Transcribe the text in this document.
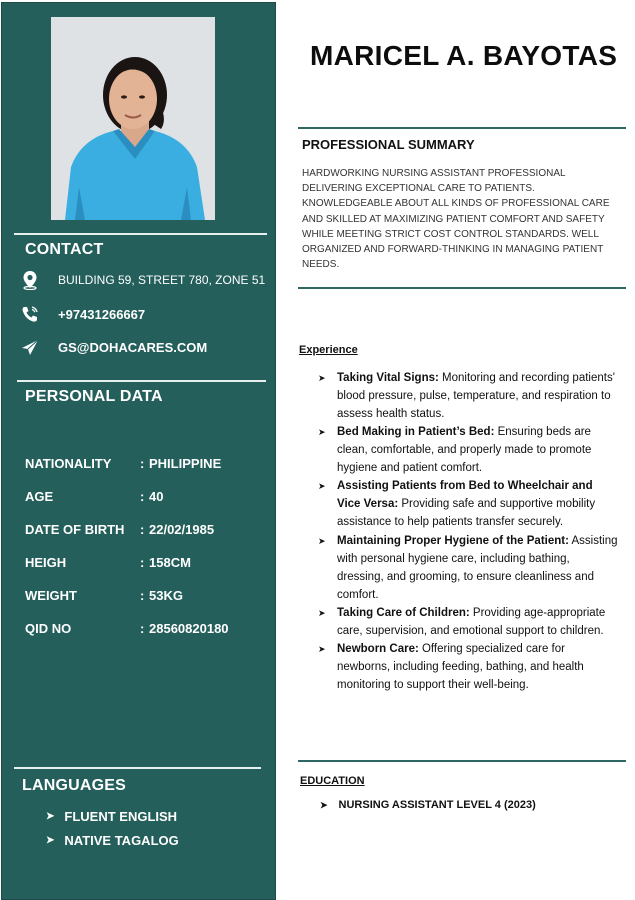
CONTACT
BUILDING 59, STREET 780, ZONE 51
+97431266667
GS@DOHACARES.COM
PERSONAL DATA
NATIONALITY	: PHILIPPINE
AGE	: 40
DATE OF BIRTH	: 22/02/1985
HEIGH	: 158CM
WEIGHT	: 53KG
QID NO	: 28560820180
LANGUAGES
➤ FLUENT ENGLISH
➤ NATIVE TAGALOG
MARICEL A. BAYOTAS
PROFESSIONAL SUMMARY
HARDWORKING NURSING ASSISTANT PROFESSIONAL DELIVERING EXCEPTIONAL CARE TO PATIENTS. KNOWLEDGEABLE ABOUT ALL KINDS OF PROFESSIONAL CARE AND SKILLED AT MAXIMIZING PATIENT COMFORT AND SAFETY WHILE MEETING STRICT COST CONTROL STANDARDS. WELL ORGANIZED AND FORWARD-THINKING IN MANAGING PATIENT NEEDS.
Experience
➤ Taking Vital Signs: Monitoring and recording patients' blood pressure, pulse, temperature, and respiration to assess health status.
➤ Bed Making in Patient’s Bed: Ensuring beds are clean, comfortable, and properly made to promote hygiene and patient comfort.
➤ Assisting Patients from Bed to Wheelchair and Vice Versa: Providing safe and supportive mobility assistance to help patients transfer securely.
➤ Maintaining Proper Hygiene of the Patient: Assisting with personal hygiene care, including bathing, dressing, and grooming, to ensure cleanliness and comfort.
➤ Taking Care of Children: Providing age-appropriate care, supervision, and emotional support to children.
➤ Newborn Care: Offering specialized care for newborns, including feeding, bathing, and health monitoring to support their well-being.
EDUCATION
➤ NURSING ASSISTANT LEVEL 4 (2023)
